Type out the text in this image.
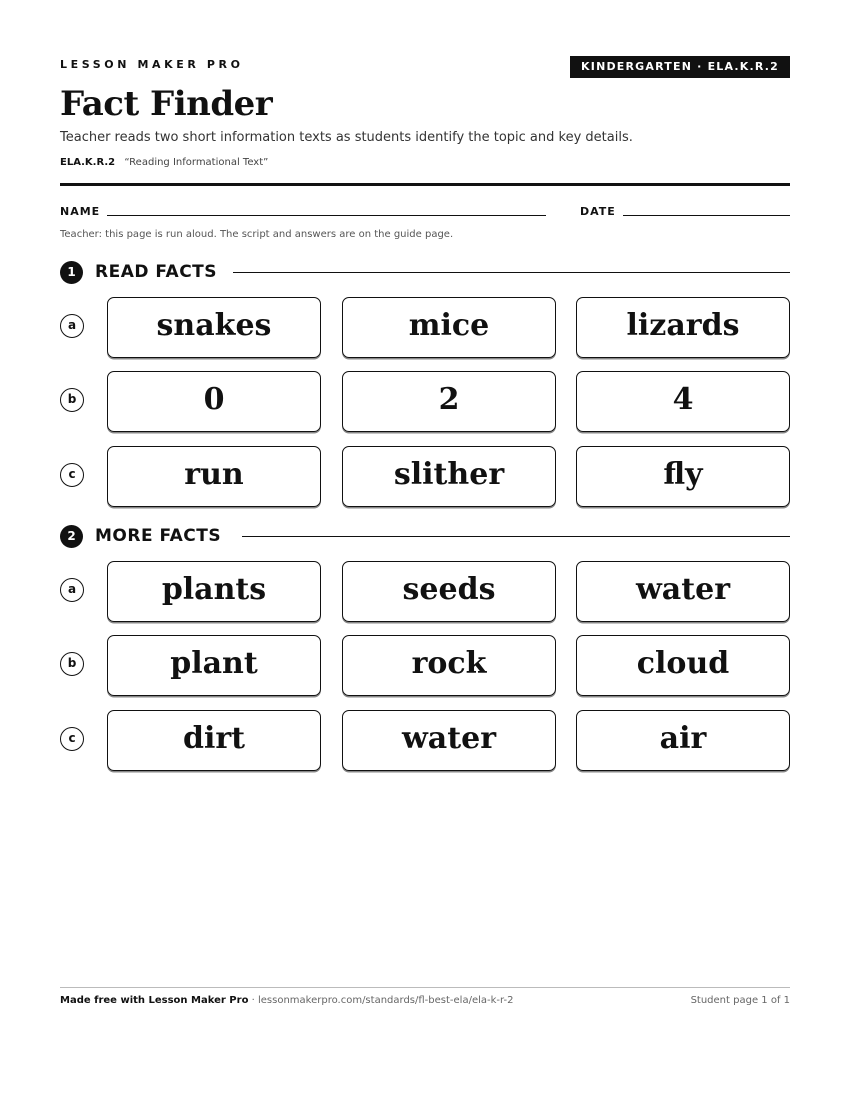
LESSON MAKER PRO	KINDERGARTEN · ELA.K.R.2
Fact Finder
Teacher reads two short information texts as students identify the topic and key details.
ELA.K.R.2 “Reading Informational Text”
NAME	DATE
Teacher: this page is run aloud. The script and answers are on the guide page.
1	READ FACTS
a	snakes	mice	lizards
b	0	2	4
c	run	slither	fly
2	MORE FACTS
a	plants	seeds	water
b	plant	rock	cloud
c	dirt	water	air
Made free with Lesson Maker Pro · lessonmakerpro.com/standards/fl-best-ela/ela-k-r-2	Student page 1 of 1
